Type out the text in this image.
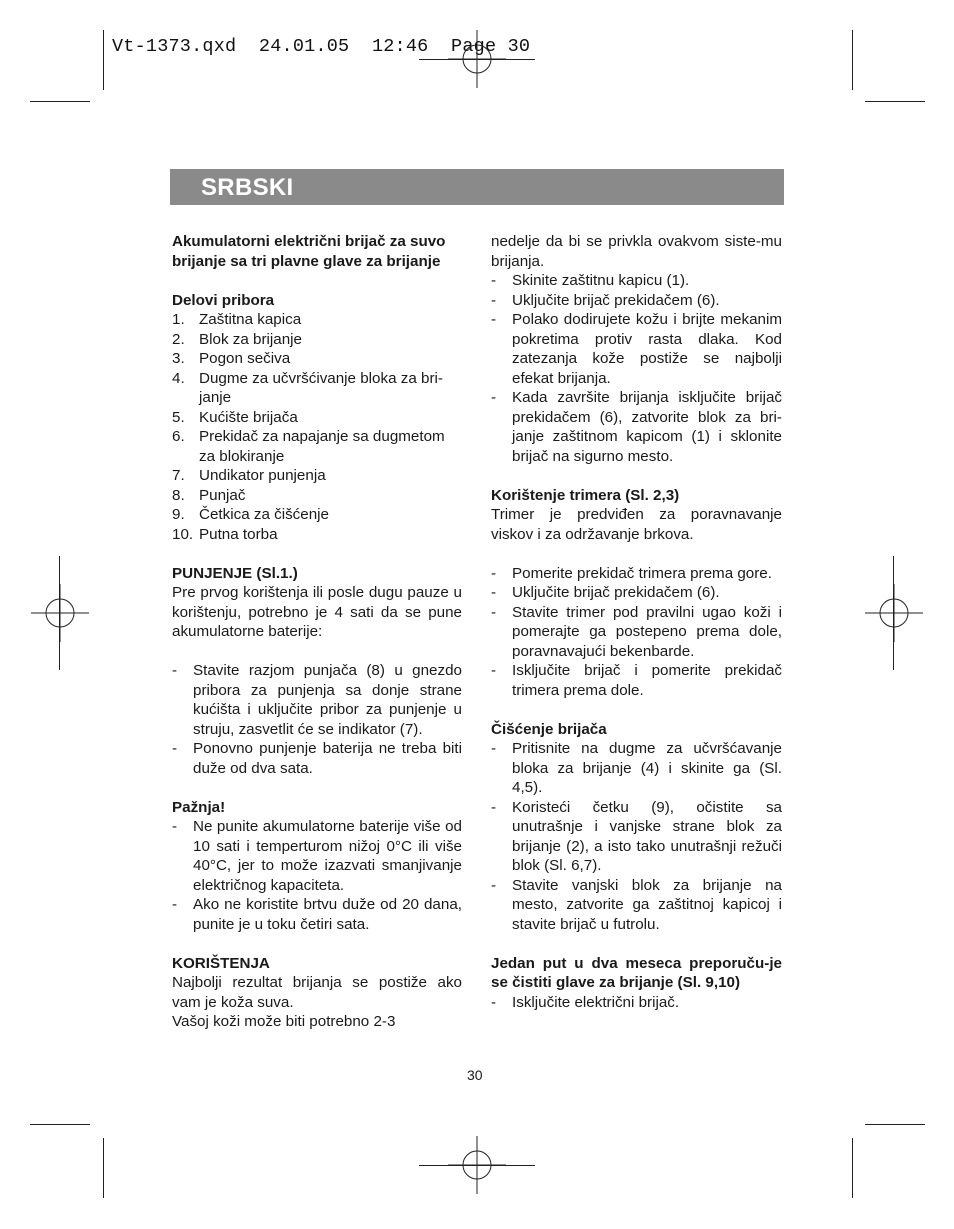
Vt-1373.qxd  24.01.05  12:46  Page 30
SRBSKI

Akumulatorni električni brijač za suvo brijanje sa tri plavne glave za brijanje

Delovi pribora

1. Zaštitna kapica
2. Blok za brijanje
3. Pogon sečiva
4. Dugme za učvršćivanje bloka za bri-janje
5. Kućište brijača
6. Prekidač za napajanje sa dugmetom za blokiranje
7. Undikator punjenja
8. Punjač
9. Četkica za čišćenje
10. Putna torba

PUNJENJE (Sl.1.)

Pre prvog korištenja ili posle dugu pauze u korištenju, potrebno je 4 sati da se pune akumulatorne baterije:

-	Stavite razjom punjača (8) u gnezdo pribora za punjenja sa donje strane kućišta i uključite pribor za punjenje u struju, zasvetlit će se indikator (7).
-	Ponovno punjenje baterija ne treba biti duže od dva sata.

Pažnja!

-	Ne punite akumulatorne baterije više od 10 sati i temperturom nižoj 0°C ili više 40°C, jer to može izazvati smanjivanje električnog kapaciteta.
-	Ako ne koristite brtvu duže od 20 dana, punite je u toku četiri sata.

KORIŠTENJA

Najbolji rezultat brijanja se postiže ako vam je koža suva.

Vašoj koži može biti potrebno 2-3

nedelje da bi se privkla ovakvom siste-mu brijanja.

-	Skinite zaštitnu kapicu (1).
-	Uključite brijač prekidačem (6).
-	Polako dodirujete kožu i brijte mekanim pokretima protiv rasta dlaka. Kod zatezanja kože postiže se najbolji efekat brijanja.
-	Kada završite brijanja isključite brijač prekidačem (6), zatvorite blok za bri-janje zaštitnom kapicom (1) i sklonite brijač na sigurno mesto.

Korištenje trimera (Sl. 2,3)

Trimer je predviđen za poravnavanje viskov i za održavanje brkova.

-	Pomerite prekidač trimera prema gore.
-	Uključite brijač prekidačem (6).
-	Stavite trimer pod pravilni ugao koži i pomerajte ga postepeno prema dole, poravnavajući bekenbarde.
-	Isključite brijač i pomerite prekidač trimera prema dole.

Čišćenje brijača

-	Pritisnite na dugme za učvršćavanje bloka za brijanje (4) i skinite ga (Sl. 4,5).
-	Koristeći četku (9), očistite sa unutrašnje i vanjske strane blok za brijanje (2), a isto tako unutrašnji režuči blok (Sl. 6,7).
-	Stavite vanjski blok za brijanje na mesto, zatvorite ga zaštitnoj kapicoj i stavite brijač u futrolu.

Jedan put u dva meseca preporuču-je se čistiti glave za brijanje (Sl. 9,10)

-	Isključite električni brijač.
30
